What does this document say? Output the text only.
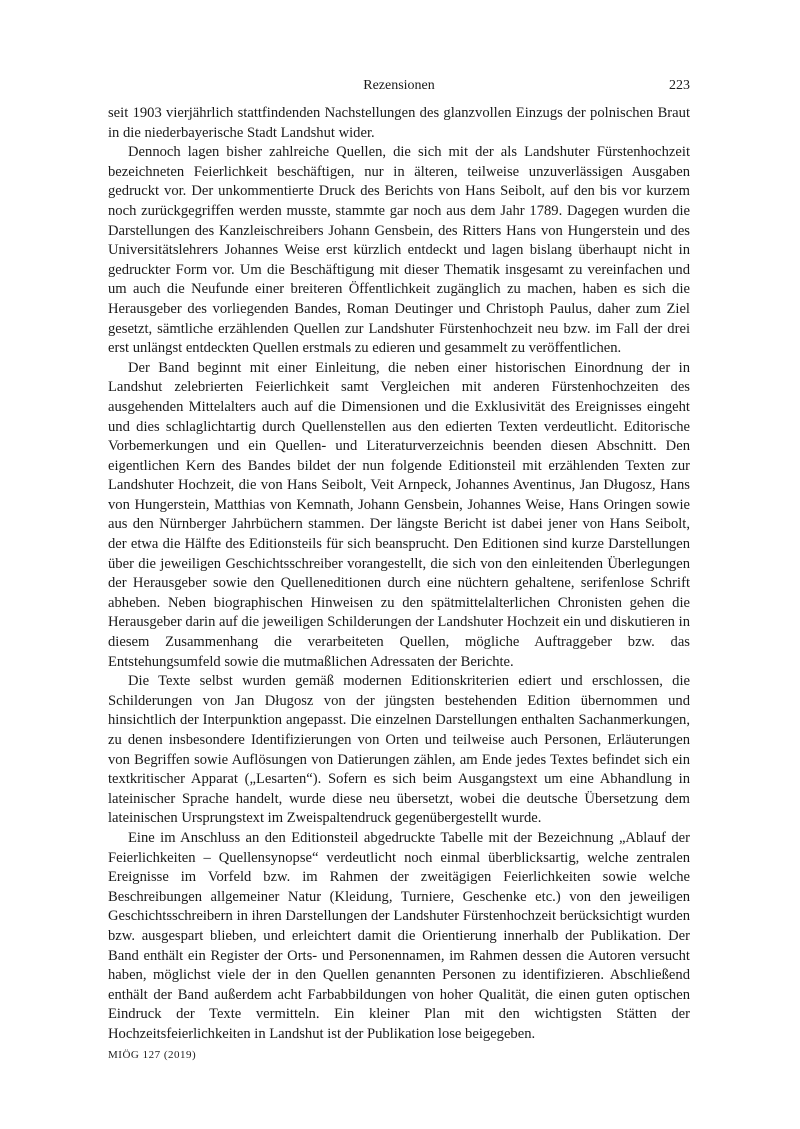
Rezensionen	223

seit 1903 vierjährlich stattfindenden Nachstellungen des glanzvollen Einzugs der polnischen Braut in die niederbayerische Stadt Landshut wider.

Dennoch lagen bisher zahlreiche Quellen, die sich mit der als Landshuter Fürstenhochzeit bezeichneten Feierlichkeit beschäftigen, nur in älteren, teilweise unzuverlässigen Ausgaben gedruckt vor. Der unkommentierte Druck des Berichts von Hans Seibolt, auf den bis vor kurzem noch zurückgegriffen werden musste, stammte gar noch aus dem Jahr 1789. Dagegen wurden die Darstellungen des Kanzleischreibers Johann Gensbein, des Ritters Hans von Hungerstein und des Universitätslehrers Johannes Weise erst kürzlich entdeckt und lagen bislang überhaupt nicht in gedruckter Form vor. Um die Beschäftigung mit dieser Thematik insgesamt zu vereinfachen und um auch die Neufunde einer breiteren Öffentlichkeit zugänglich zu machen, haben es sich die Herausgeber des vorliegenden Bandes, Roman Deutinger und Christoph Paulus, daher zum Ziel gesetzt, sämtliche erzählenden Quellen zur Landshuter Fürstenhochzeit neu bzw. im Fall der drei erst unlängst entdeckten Quellen erstmals zu edieren und gesammelt zu veröffentlichen.

Der Band beginnt mit einer Einleitung, die neben einer historischen Einordnung der in Landshut zelebrierten Feierlichkeit samt Vergleichen mit anderen Fürstenhochzeiten des ausgehenden Mittelalters auch auf die Dimensionen und die Exklusivität des Ereignisses eingeht und dies schlaglichtartig durch Quellenstellen aus den edierten Texten verdeutlicht. Editorische Vorbemerkungen und ein Quellen- und Literaturverzeichnis beenden diesen Abschnitt. Den eigentlichen Kern des Bandes bildet der nun folgende Editionsteil mit erzählenden Texten zur Landshuter Hochzeit, die von Hans Seibolt, Veit Arnpeck, Johannes Aventinus, Jan Długosz, Hans von Hungerstein, Matthias von Kemnath, Johann Gensbein, Johannes Weise, Hans Oringen sowie aus den Nürnberger Jahrbüchern stammen. Der längste Bericht ist dabei jener von Hans Seibolt, der etwa die Hälfte des Editionsteils für sich beansprucht. Den Editionen sind kurze Darstellungen über die jeweiligen Geschichtsschreiber vorangestellt, die sich von den einleitenden Überlegungen der Herausgeber sowie den Quelleneditionen durch eine nüchtern gehaltene, serifenlose Schrift abheben. Neben biographischen Hinweisen zu den spätmittelalterlichen Chronisten gehen die Herausgeber darin auf die jeweiligen Schilderungen der Landshuter Hochzeit ein und diskutieren in diesem Zusammenhang die verarbeiteten Quellen, mögliche Auftraggeber bzw. das Entstehungsumfeld sowie die mutmaßlichen Adressaten der Berichte.

Die Texte selbst wurden gemäß modernen Editionskriterien ediert und erschlossen, die Schilderungen von Jan Długosz von der jüngsten bestehenden Edition übernommen und hinsichtlich der Interpunktion angepasst. Die einzelnen Darstellungen enthalten Sachanmerkungen, zu denen insbesondere Identifizierungen von Orten und teilweise auch Personen, Erläuterungen von Begriffen sowie Auflösungen von Datierungen zählen, am Ende jedes Textes befindet sich ein textkritischer Apparat („Lesarten“). Sofern es sich beim Ausgangstext um eine Abhandlung in lateinischer Sprache handelt, wurde diese neu übersetzt, wobei die deutsche Übersetzung dem lateinischen Ursprungstext im Zweispaltendruck gegenübergestellt wurde.

Eine im Anschluss an den Editionsteil abgedruckte Tabelle mit der Bezeichnung „Ablauf der Feierlichkeiten – Quellensynopse“ verdeutlicht noch einmal überblicksartig, welche zentralen Ereignisse im Vorfeld bzw. im Rahmen der zweitägigen Feierlichkeiten sowie welche Beschreibungen allgemeiner Natur (Kleidung, Turniere, Geschenke etc.) von den jeweiligen Geschichtsschreibern in ihren Darstellungen der Landshuter Fürstenhochzeit berücksichtigt wurden bzw. ausgespart blieben, und erleichtert damit die Orientierung innerhalb der Publikation. Der Band enthält ein Register der Orts- und Personennamen, im Rahmen dessen die Autoren versucht haben, möglichst viele der in den Quellen genannten Personen zu identifizieren. Abschließend enthält der Band außerdem acht Farbabbildungen von hoher Qualität, die einen guten optischen Eindruck der Texte vermitteln. Ein kleiner Plan mit den wichtigsten Stätten der Hochzeitsfeierlichkeiten in Landshut ist der Publikation lose beigegeben.

MIÖG 127 (2019)
